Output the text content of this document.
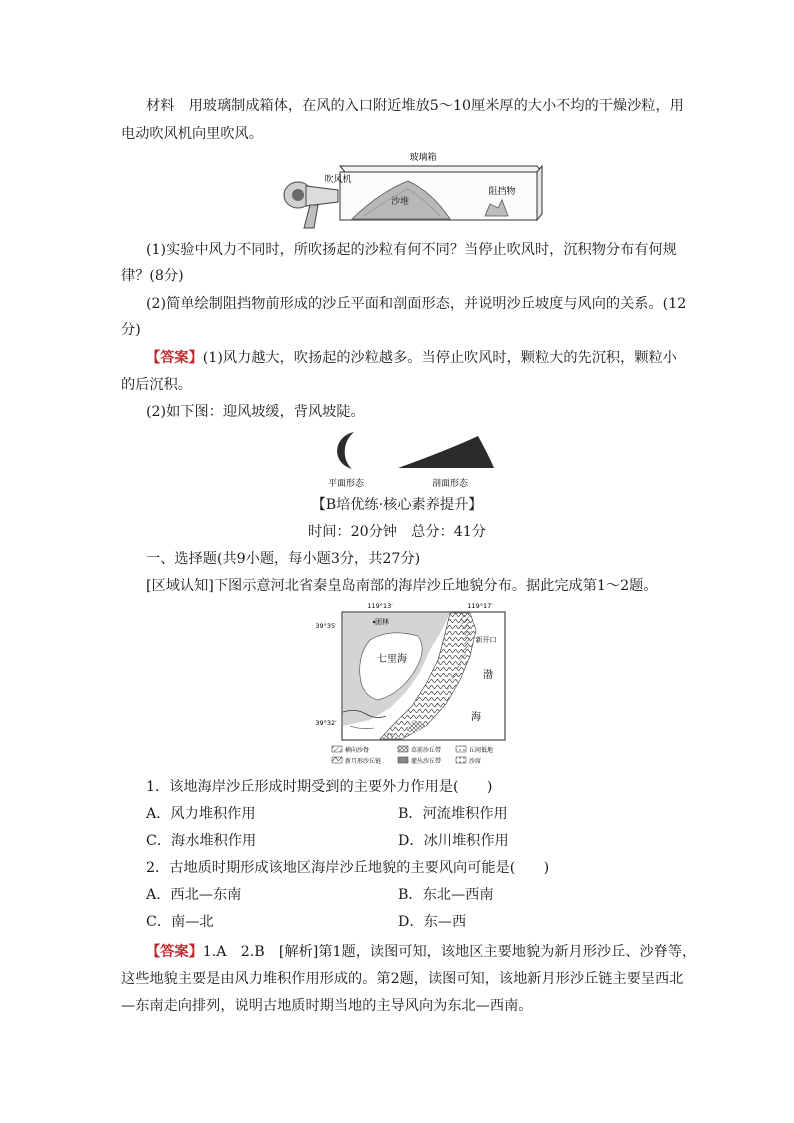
材料　 用玻璃制成箱体，在风的入口附近堆放5～10厘米厚的大小不均的干燥沙粒，用
电动吹风机向里吹风。
玻璃箱
吹风机
沙堆
阻挡物
(1)实验中风力不同时，所吹扬起的沙粒有何不同？当停止吹风时，沉积物分布有何规
律？(8分)
(2)简单绘制阻挡物前形成的沙丘平面和剖面形态，并说明沙丘坡度与风向的关系。(12
分)
【答案】(1)风力越大，吹扬起的沙粒越多。当停止吹风时，颗粒大的先沉积，颗粒小
的后沉积。
(2)如下图：迎风坡缓，背风坡陡。
平面形态	剖面形态
【B培优练·核心素养提升】
时间：20分钟　总分：41分
一、选择题(共9小题，每小题3分，共27分)
[区域认知]下图示意河北省秦皇岛南部的海岸沙丘地貌分布。据此完成第1～2题。
119°13′	119°17′
39°35′
39°32′
团林
新开口
七里海
渤
海
横向沙脊	草前沙丘带	丘间低地
新月形沙丘链	灌丛沙丘带	沙席
1．该地海岸沙丘形成时期受到的主要外力作用是(　　)
A．风力堆积作用	B．河流堆积作用
C．海水堆积作用	D．冰川堆积作用
2．古地质时期形成该地区海岸沙丘地貌的主要风向可能是(　　)
A．西北—东南	B．东北—西南
C．南—北	D．东—西
【答案】1.A　2.B　[解析]第1题，读图可知，该地区主要地貌为新月形沙丘、沙脊等，
这些地貌主要是由风力堆积作用形成的。第2题，读图可知，该地新月形沙丘链主要呈西北
—东南走向排列，说明古地质时期当地的主导风向为东北—西南。
